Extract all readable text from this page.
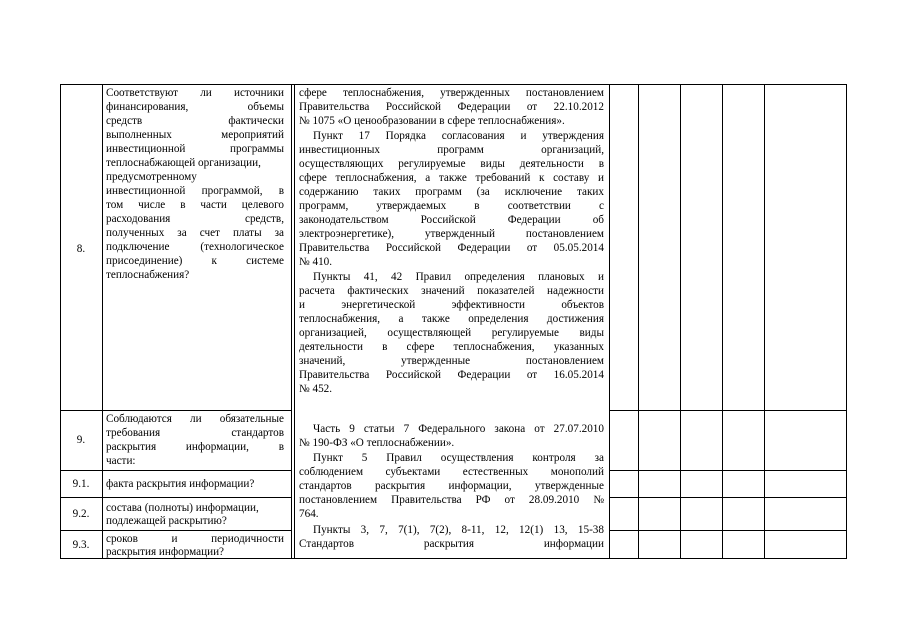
8.
9.
9.1.
9.2.
9.3.
Соответствуют ли источники
финансирования, объемы
средств фактически
выполненных мероприятий
инвестиционной программы
теплоснабжающей организации,
предусмотренному
инвестиционной программой, в
том числе в части целевого
расходования средств,
полученных за счет платы за
подключение (технологическое
присоединение) к системе
теплоснабжения?
Соблюдаются ли обязательные
требования стандартов
раскрытия информации, в
части:
факта раскрытия информации?
состава (полноты) информации,
подлежащей раскрытию?
сроков и периодичности
раскрытия информации?
сфере теплоснабжения, утвержденных постановлением
Правительства Российской Федерации от 22.10.2012
№ 1075 «О ценообразовании в сфере теплоснабжения».
Пункт 17 Порядка согласования и утверждения
инвестиционных программ организаций,
осуществляющих регулируемые виды деятельности в
сфере теплоснабжения, а также требований к составу и
содержанию таких программ (за исключение таких
программ, утверждаемых в соответствии с
законодательством Российской Федерации об
электроэнергетике), утвержденный постановлением
Правительства Российской Федерации от 05.05.2014
№ 410.
Пункты 41, 42 Правил определения плановых и
расчета фактических значений показателей надежности
и энергетической эффективности объектов
теплоснабжения, а также определения достижения
организацией, осуществляющей регулируемые виды
деятельности в сфере теплоснабжения, указанных
значений, утвержденные постановлением
Правительства Российской Федерации от 16.05.2014
№ 452.
Часть 9 статьи 7 Федерального закона от 27.07.2010
№ 190-ФЗ «О теплоснабжении».
Пункт 5 Правил осуществления контроля за
соблюдением субъектами естественных монополий
стандартов раскрытия информации, утвержденные
постановлением Правительства РФ от 28.09.2010 №
764.
Пункты 3, 7, 7(1), 7(2), 8-11, 12, 12(1) 13, 15-38
Стандартов раскрытия информации
